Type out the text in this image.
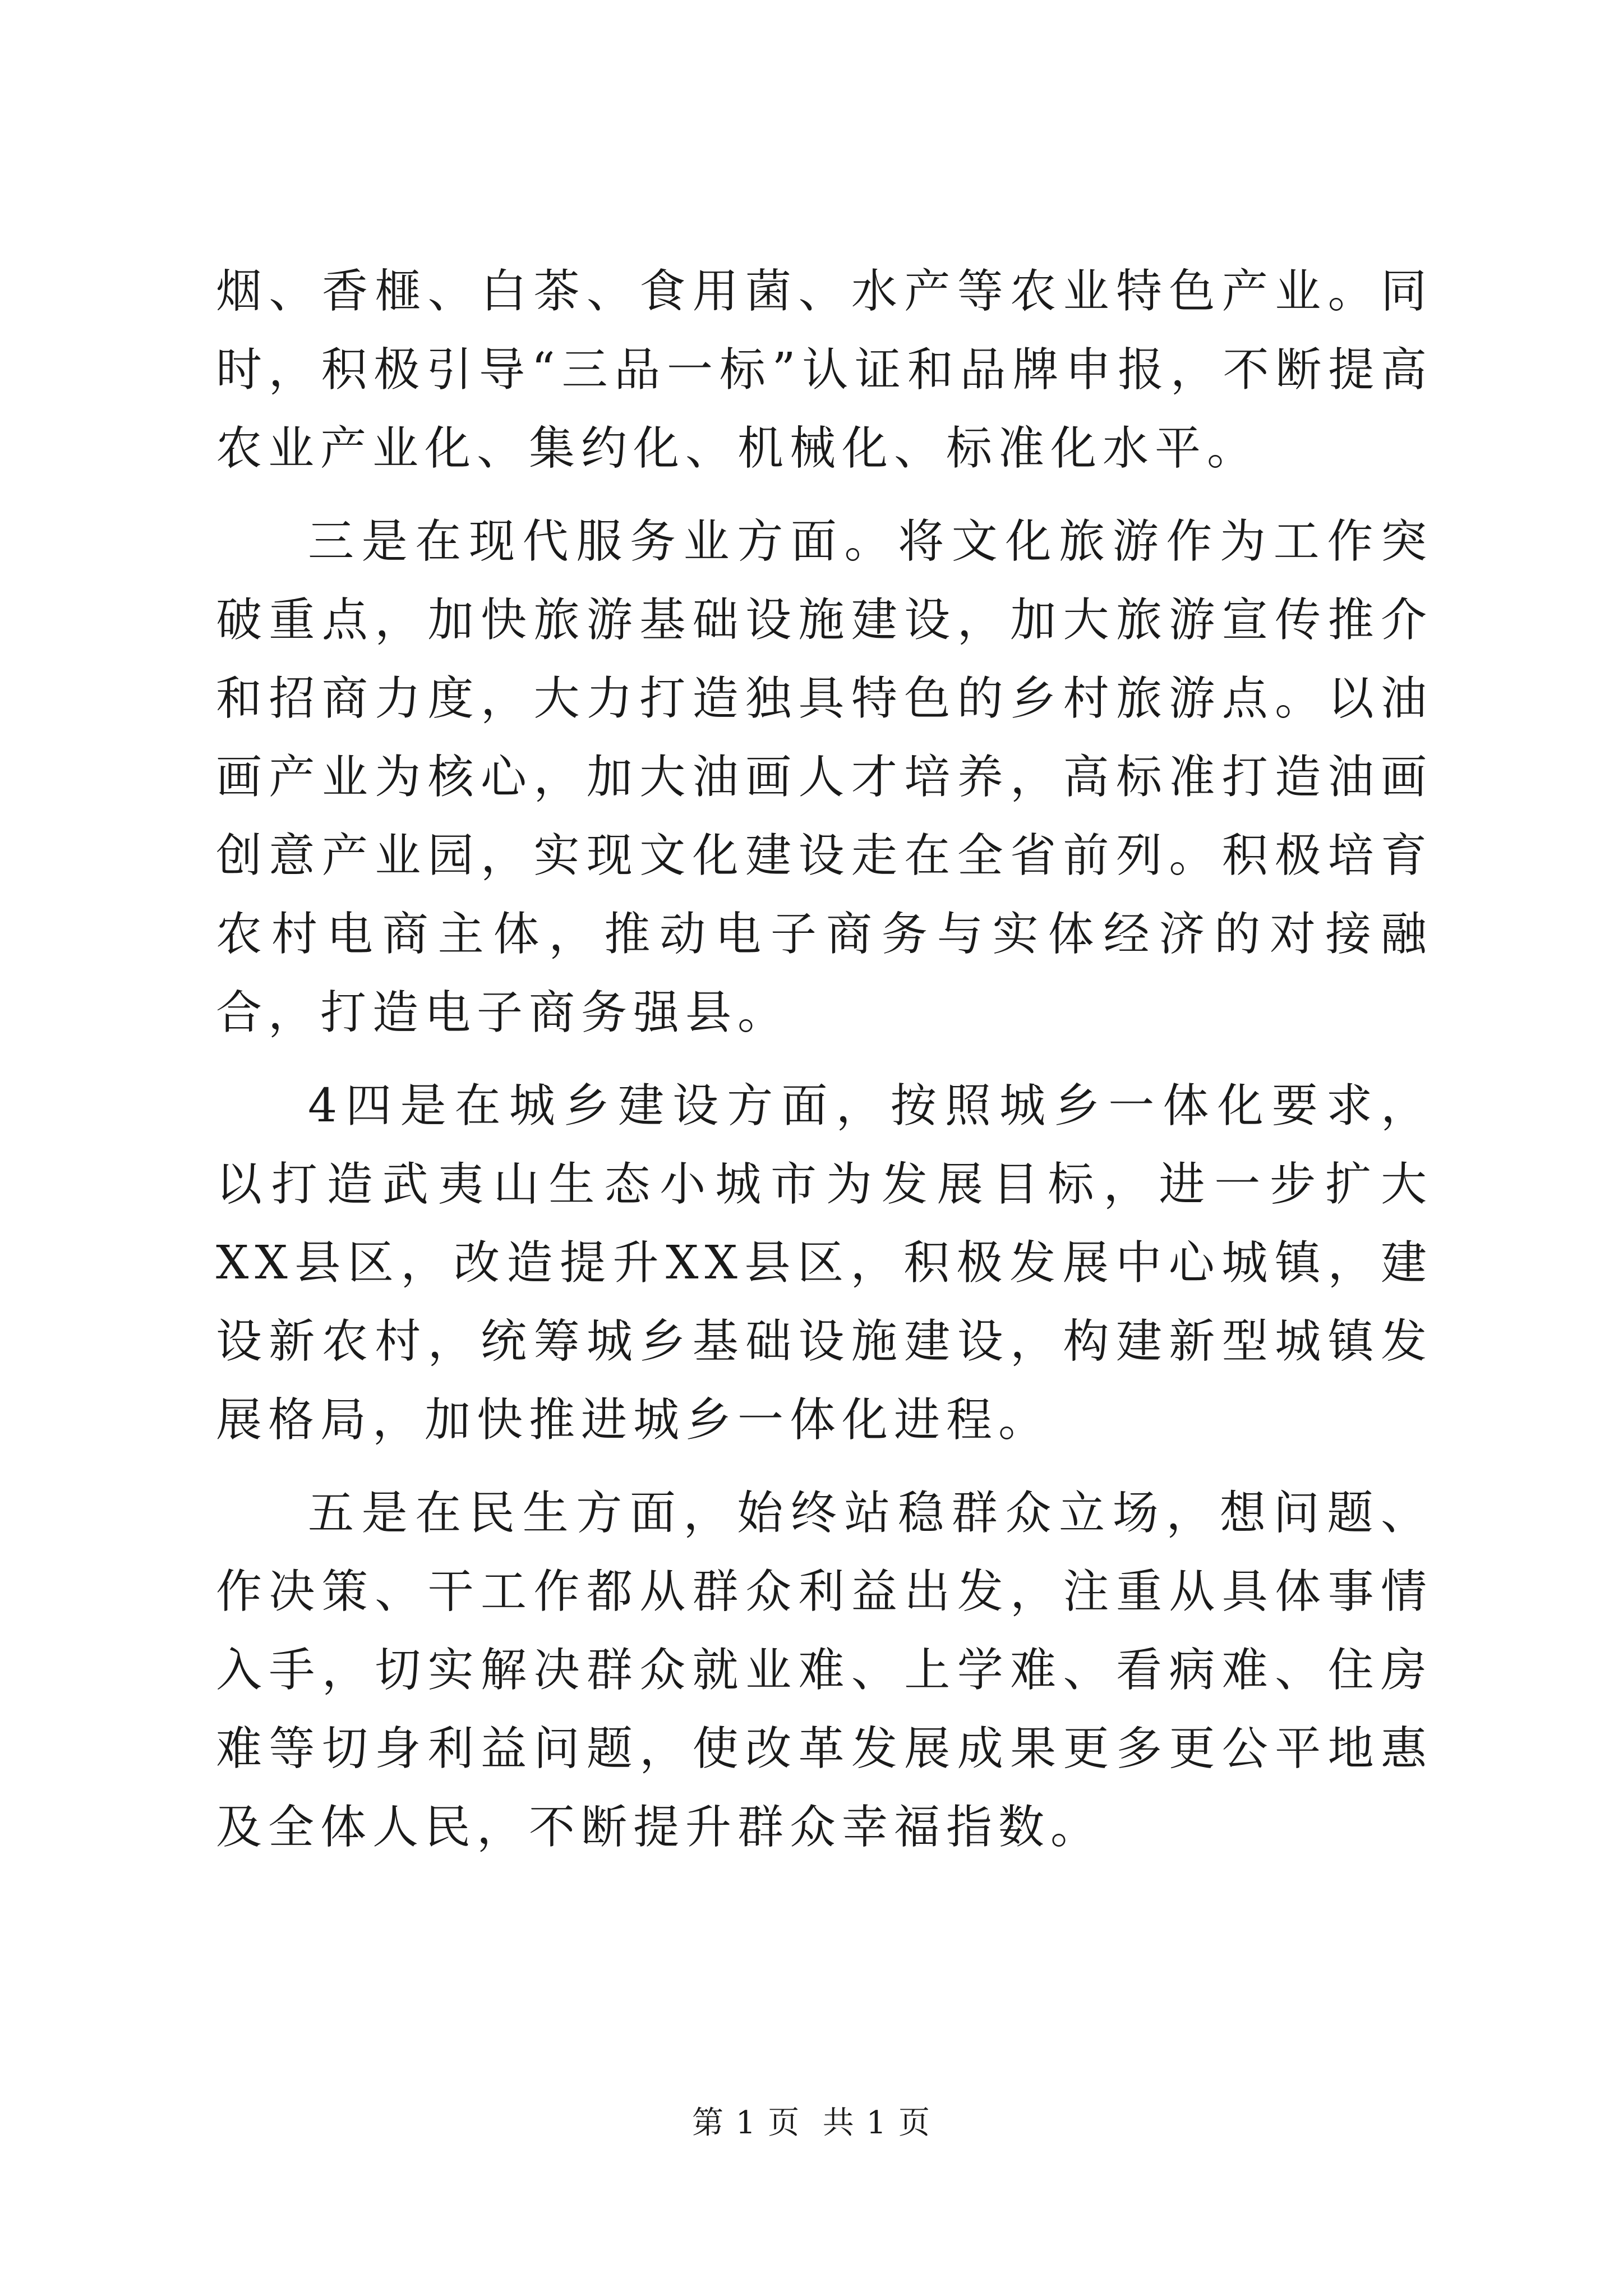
烟、香榧、白茶、食用菌、水产等农业特色产业。同时，积极引导“三品一标”认证和品牌申报，不断提高农业产业化、集约化、机械化、标准化水平。

三是在现代服务业方面。将文化旅游作为工作突破重点，加快旅游基础设施建设，加大旅游宣传推介和招商力度，大力打造独具特色的乡村旅游点。以油画产业为核心，加大油画人才培养，高标准打造油画创意产业园，实现文化建设走在全省前列。积极培育农村电商主体，推动电子商务与实体经济的对接融合，打造电子商务强县。

4四是在城乡建设方面，按照城乡一体化要求，以打造武夷山生态小城市为发展目标，进一步扩大XX县区，改造提升XX县区，积极发展中心城镇，建设新农村，统筹城乡基础设施建设，构建新型城镇发展格局，加快推进城乡一体化进程。

五是在民生方面，始终站稳群众立场，想问题、作决策、干工作都从群众利益出发，注重从具体事情入手，切实解决群众就业难、上学难、看病难、住房难等切身利益问题，使改革发展成果更多更公平地惠及全体人民，不断提升群众幸福指数。

第 1 页  共 1 页
